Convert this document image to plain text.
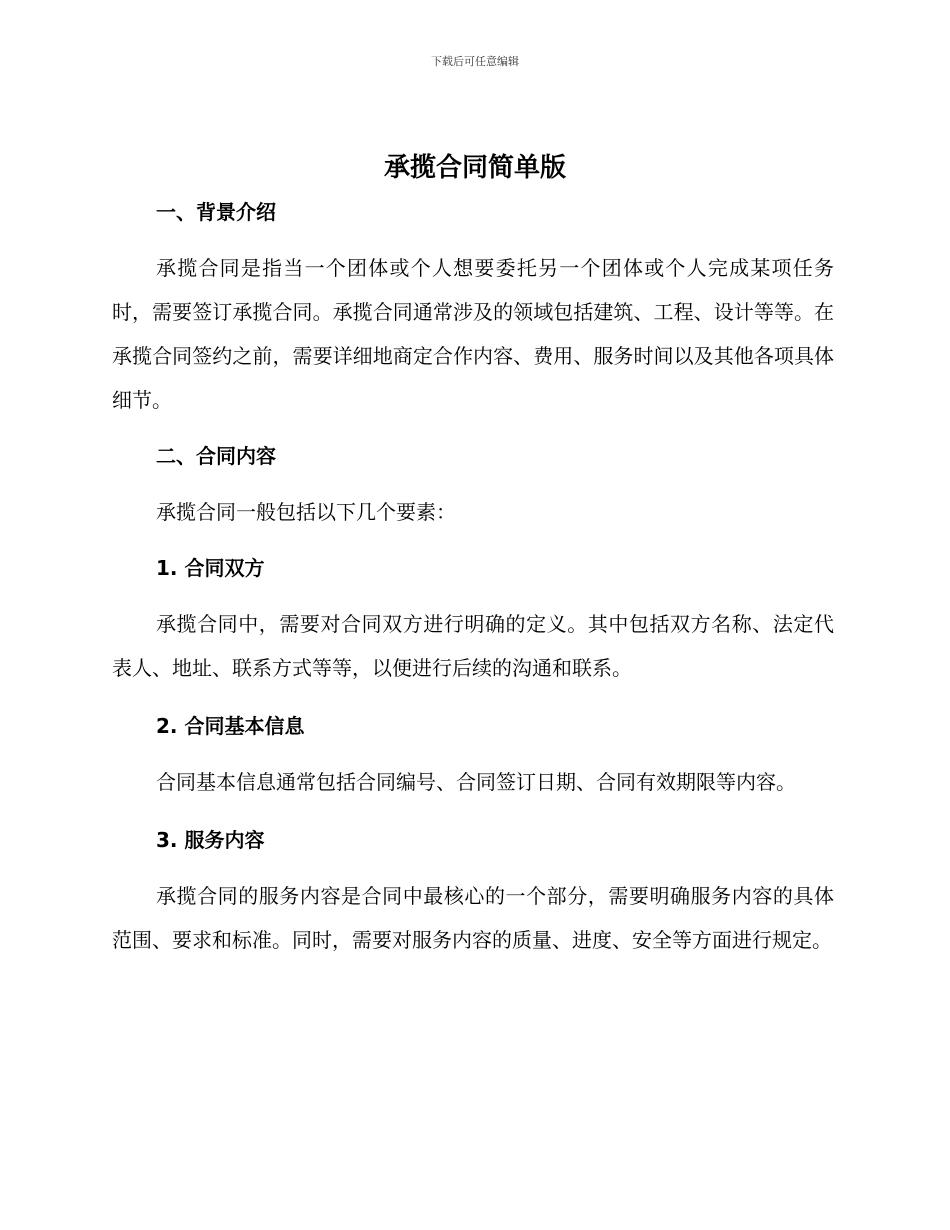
下载后可任意编辑
承揽合同简单版
一、背景介绍

承揽合同是指当一个团体或个人想要委托另一个团体或个人完成某项任务时，需要签订承揽合同。承揽合同通常涉及的领域包括建筑、工程、设计等等。在承揽合同签约之前，需要详细地商定合作内容、费用、服务时间以及其他各项具体细节。

二、合同内容

承揽合同一般包括以下几个要素：

1. 合同双方

承揽合同中，需要对合同双方进行明确的定义。其中包括双方名称、法定代表人、地址、联系方式等等，以便进行后续的沟通和联系。

2. 合同基本信息

合同基本信息通常包括合同编号、合同签订日期、合同有效期限等内容。

3. 服务内容

承揽合同的服务内容是合同中最核心的一个部分，需要明确服务内容的具体范围、要求和标准。同时，需要对服务内容的质量、进度、安全等方面进行规定。
